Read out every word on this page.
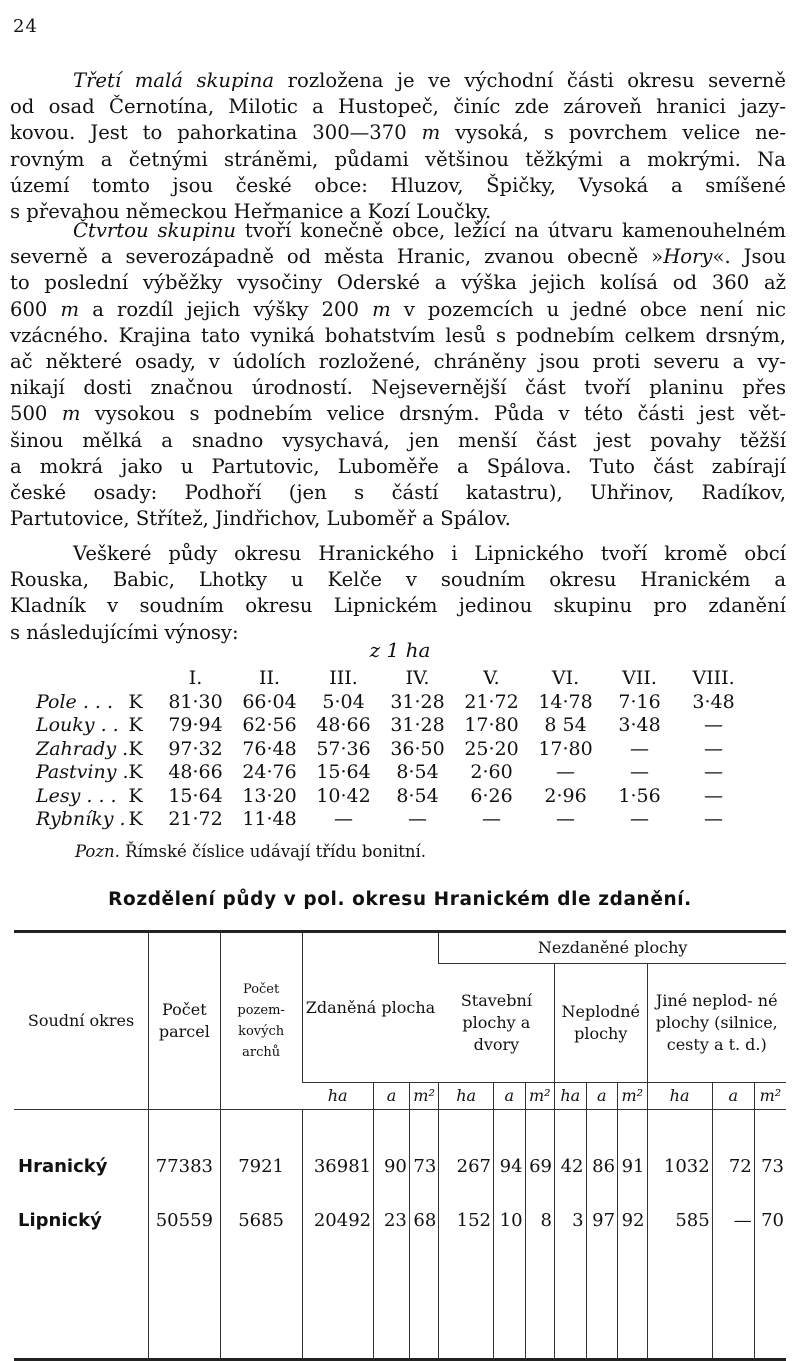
24
Třetí malá skupina rozložena je ve východní části okresu severně
od osad Černotína, Milotic a Hustopeč, činíc zde zároveň hranici jazy-
kovou. Jest to pahorkatina 300—370 m vysoká, s povrchem velice ne-
rovným a četnými stráněmi, půdami většinou těžkými a mokrými. Na
území tomto jsou české obce: Hluzov, Špičky, Vysoká a smíšené
s převahou německou Heřmanice a Kozí Loučky.
Čtvrtou skupinu tvoří konečně obce, ležící na útvaru kamenouhelném
severně a severozápadně od města Hranic, zvanou obecně »Hory«. Jsou
to poslední výběžky vysočiny Oderské a výška jejich kolísá od 360 až
600 m a rozdíl jejich výšky 200 m v pozemcích u jedné obce není nic
vzácného. Krajina tato vyniká bohatstvím lesů s podnebím celkem drsným,
ač některé osady, v údolích rozložené, chráněny jsou proti severu a vy-
nikají dosti značnou úrodností. Nejsevernější část tvoří planinu přes
500 m vysokou s podnebím velice drsným. Půda v této části jest vět-
šinou mělká a snadno vysychavá, jen menší část jest povahy těžší
a mokrá jako u Partutovic, Luboměře a Spálova. Tuto část zabírají
české osady: Podhoří (jen s částí katastru), Uhřinov, Radíkov,
Partutovice, Střítež, Jindřichov, Luboměř a Spálov.
Veškeré půdy okresu Hranického i Lipnického tvoří kromě obcí
Rouska, Babic, Lhotky u Kelče v soudním okresu Hranickém a
Kladník v soudním okresu Lipnickém jedinou skupinu pro zdanění
s následujícími výnosy:
z 1 ha
		I.	II.	III.	IV.	V.	VI.	VII.	VIII.
Pole . . .	K	81·30	66·04	5·04	31·28	21·72	14·78	7·16	3·48
Louky . .	K	79·94	62·56	48·66	31·28	17·80	8 54	3·48	—
Zahrady .	K	97·32	76·48	57·36	36·50	25·20	17·80	—	—
Pastviny .	K	48·66	24·76	15·64	8·54	2·60	—	—	—
Lesy . . .	K	15·64	13·20	10·42	8·54	6·26	2·96	1·56	—
Rybníky .	K	21·72	11·48	—	—	—	—	—	—
Pozn. Římské číslice udávají třídu bonitní.
Rozdělení půdy v pol. okresu Hranickém dle zdanění.
Soudní okres	Počet parcel	Počet pozem- kových archů	Zdaněná plocha			Nezdaněné plochy								
						Stavební plochy a dvory			Neplodné plochy			Jiné neplod- né plochy (silnice, cesty a t. d.)		
			ha	a	m²	ha	a	m²	ha	a	m²	ha	a	m²

Hranický	77383	7921	36981	90	73	267	94	69	42	86	91	1032	72	73
Lipnický	50559	5685	20492	23	68	152	10	8	3	97	92	585	—	70
